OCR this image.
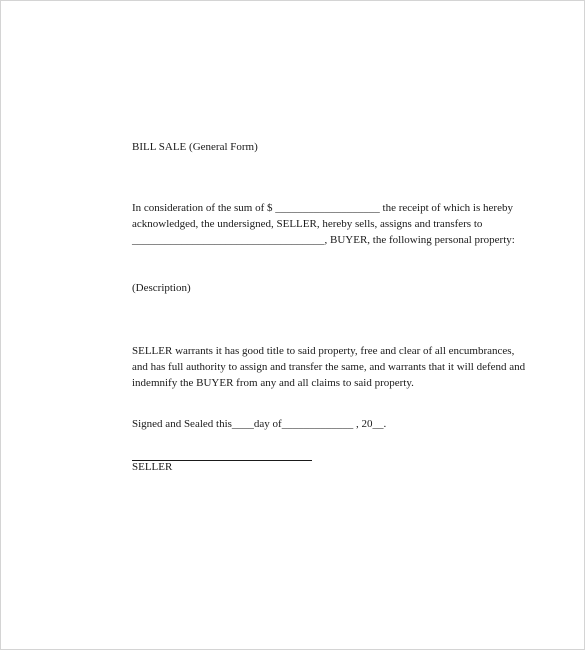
BILL SALE (General Form)
In consideration of the sum of $ ___________________ the receipt of which is hereby
acknowledged, the undersigned, SELLER, hereby sells, assigns and transfers to
___________________________________, BUYER, the following personal property:
(Description)
SELLER warrants it has good title to said property, free and clear of all encumbrances,
and has full authority to assign and transfer the same, and warrants that it will defend and
indemnify the BUYER from any and all claims to said property.
Signed and Sealed this____day of_____________ , 20__.
SELLER
